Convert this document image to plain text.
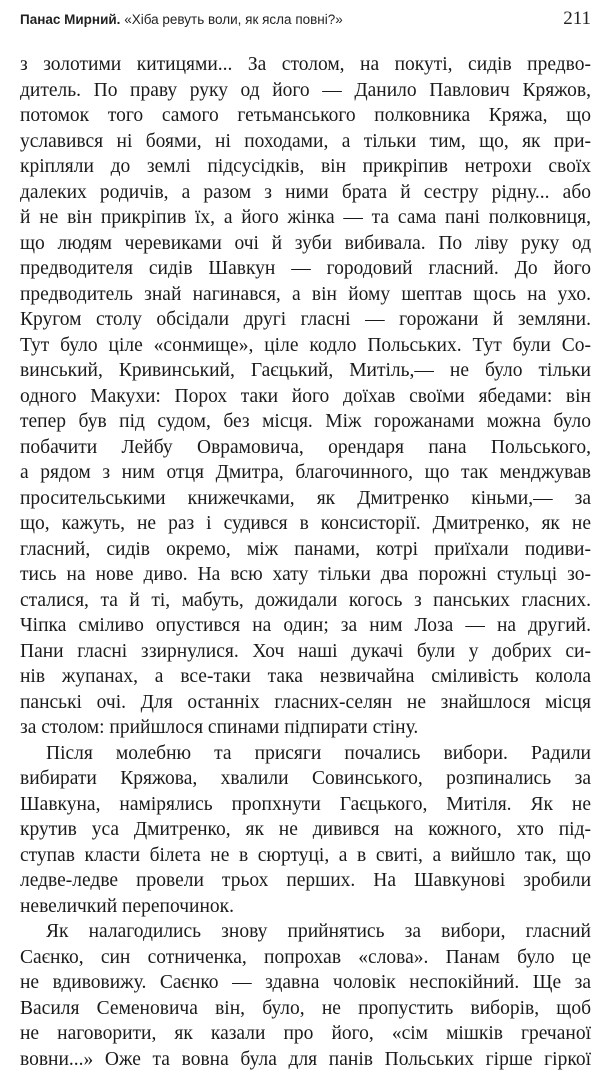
Панас Мирний. «Хіба ревуть воли, як ясла повні?»	211
з золотими китицями... За столом, на покуті, сидів предво-
дитель. По праву руку од його — Данило Павлович Кряжов,
потомок того самого гетьманського полковника Кряжа, що
уславився ні боями, ні походами, а тільки тим, що, як при-
кріпляли до землі підсусідків, він прикріпив нетрохи своїх
далеких родичів, а разом з ними брата й сестру рідну... або
й не він прикріпив їх, а його жінка — та сама пані полковниця,
що людям черевиками очі й зуби вибивала. По ліву руку од
предводителя сидів Шавкун — городовий гласний. До його
предводитель знай нагинався, а він йому шептав щось на ухо.
Кругом столу обсідали другі гласні — горожани й земляни.
Тут було ціле «сонмище», ціле кодло Польських. Тут були Со-
винський, Кривинський, Гаєцький, Митіль,— не було тільки
одного Макухи: Порох таки його доїхав своїми ябедами: він
тепер був під судом, без місця. Між горожанами можна було
побачити Лейбу Оврамовича, орендаря пана Польського,
а рядом з ним отця Дмитра, благочинного, що так менджував
просительськими книжечками, як Дмитренко кіньми,— за
що, кажуть, не раз і судився в консисторії. Дмитренко, як не
гласний, сидів окремо, між панами, котрі приїхали подиви-
тись на нове диво. На всю хату тільки два порожні стульці зо-
сталися, та й ті, мабуть, дожидали когось з панських гласних.
Чіпка сміливо опустився на один; за ним Лоза — на другий.
Пани гласні ззирнулися. Хоч наші дукачі були у добрих си-
нів жупанах, а все-таки така незвичайна сміливість колола
панські очі. Для останніх гласних-селян не знайшлося місця
за столом: прийшлося спинами підпирати стіну.
Після молебню та присяги почались вибори. Радили
вибирати Кряжова, хвалили Совинського, розпинались за
Шавкуна, намірялись пропхнути Гаєцького, Митіля. Як не
крутив уса Дмитренко, як не дивився на кожного, хто під-
ступав класти білета не в сюртуці, а в свиті, а вийшло так, що
ледве-ледве провели трьох перших. На Шавкунові зробили
невеличкий перепочинок.
Як налагодились знову прийнятись за вибори, гласний
Саєнко, син сотниченка, попрохав «слова». Панам було це
не вдивовижу. Саєнко — здавна чоловік неспокійний. Ще за
Василя Семеновича він, було, не пропустить виборів, щоб
не наговорити, як казали про його, «сім мішків гречаної
вовни...» Оже та вовна була для панів Польських гірше гіркої
